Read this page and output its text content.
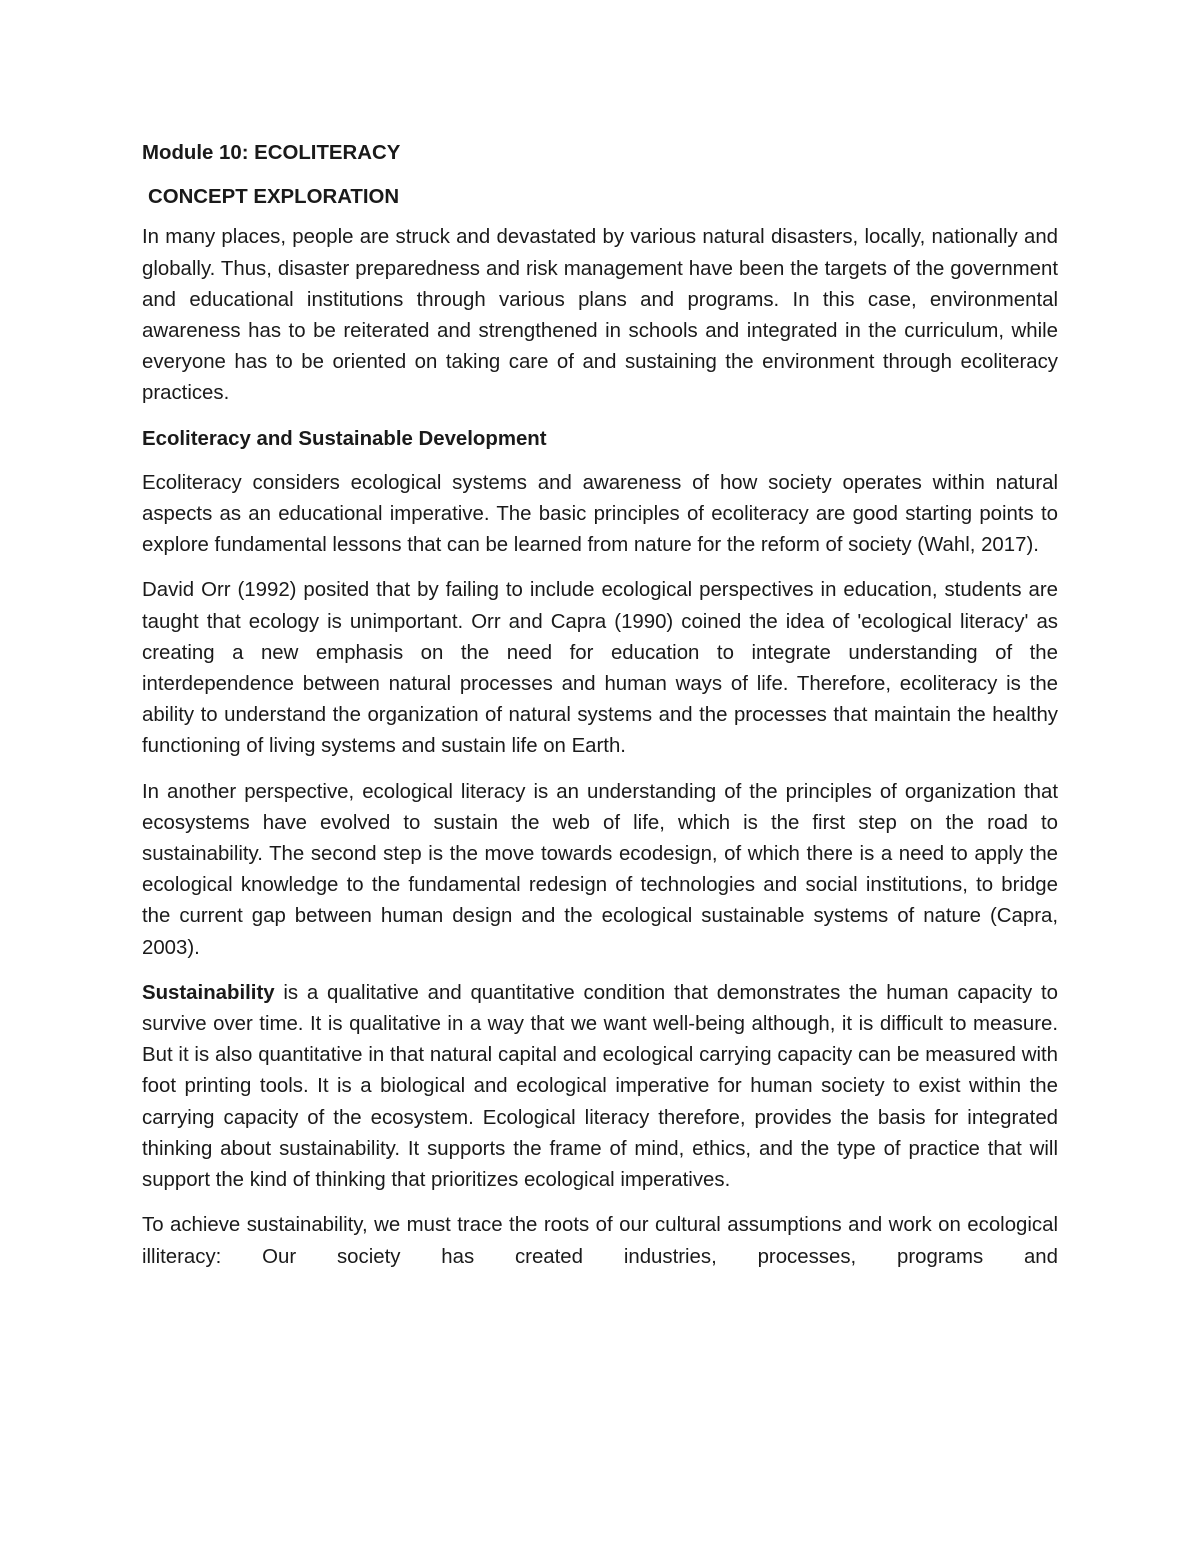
Module 10: ECOLITERACY
CONCEPT EXPLORATION

In many places, people are struck and devastated by various natural disasters, locally, nationally and globally. Thus, disaster preparedness and risk management have been the targets of the government and educational institutions through various plans and programs. In this case, environmental awareness has to be reiterated and strengthened in schools and integrated in the curriculum, while everyone has to be oriented on taking care of and sustaining the environment through ecoliteracy practices.

Ecoliteracy and Sustainable Development

Ecoliteracy considers ecological systems and awareness of how society operates within natural aspects as an educational imperative. The basic principles of ecoliteracy are good starting points to explore fundamental lessons that can be learned from nature for the reform of society (Wahl, 2017).

David Orr (1992) posited that by failing to include ecological perspectives in education, students are taught that ecology is unimportant. Orr and Capra (1990) coined the idea of 'ecological literacy' as creating a new emphasis on the need for education to integrate understanding of the interdependence between natural processes and human ways of life. Therefore, ecoliteracy is the ability to understand the organization of natural systems and the processes that maintain the healthy functioning of living systems and sustain life on Earth.

In another perspective, ecological literacy is an understanding of the principles of organization that ecosystems have evolved to sustain the web of life, which is the first step on the road to sustainability. The second step is the move towards ecodesign, of which there is a need to apply the ecological knowledge to the fundamental redesign of technologies and social institutions, to bridge the current gap between human design and the ecological sustainable systems of nature (Capra, 2003).

Sustainability is a qualitative and quantitative condition that demonstrates the human capacity to survive over time. It is qualitative in a way that we want well-being although, it is difficult to measure. But it is also quantitative in that natural capital and ecological carrying capacity can be measured with foot printing tools. It is a biological and ecological imperative for human society to exist within the carrying capacity of the ecosystem. Ecological literacy therefore, provides the basis for integrated thinking about sustainability. It supports the frame of mind, ethics, and the type of practice that will support the kind of thinking that prioritizes ecological imperatives.

To achieve sustainability, we must trace the roots of our cultural assumptions and work on ecological illiteracy: Our society has created industries, processes, programs and
